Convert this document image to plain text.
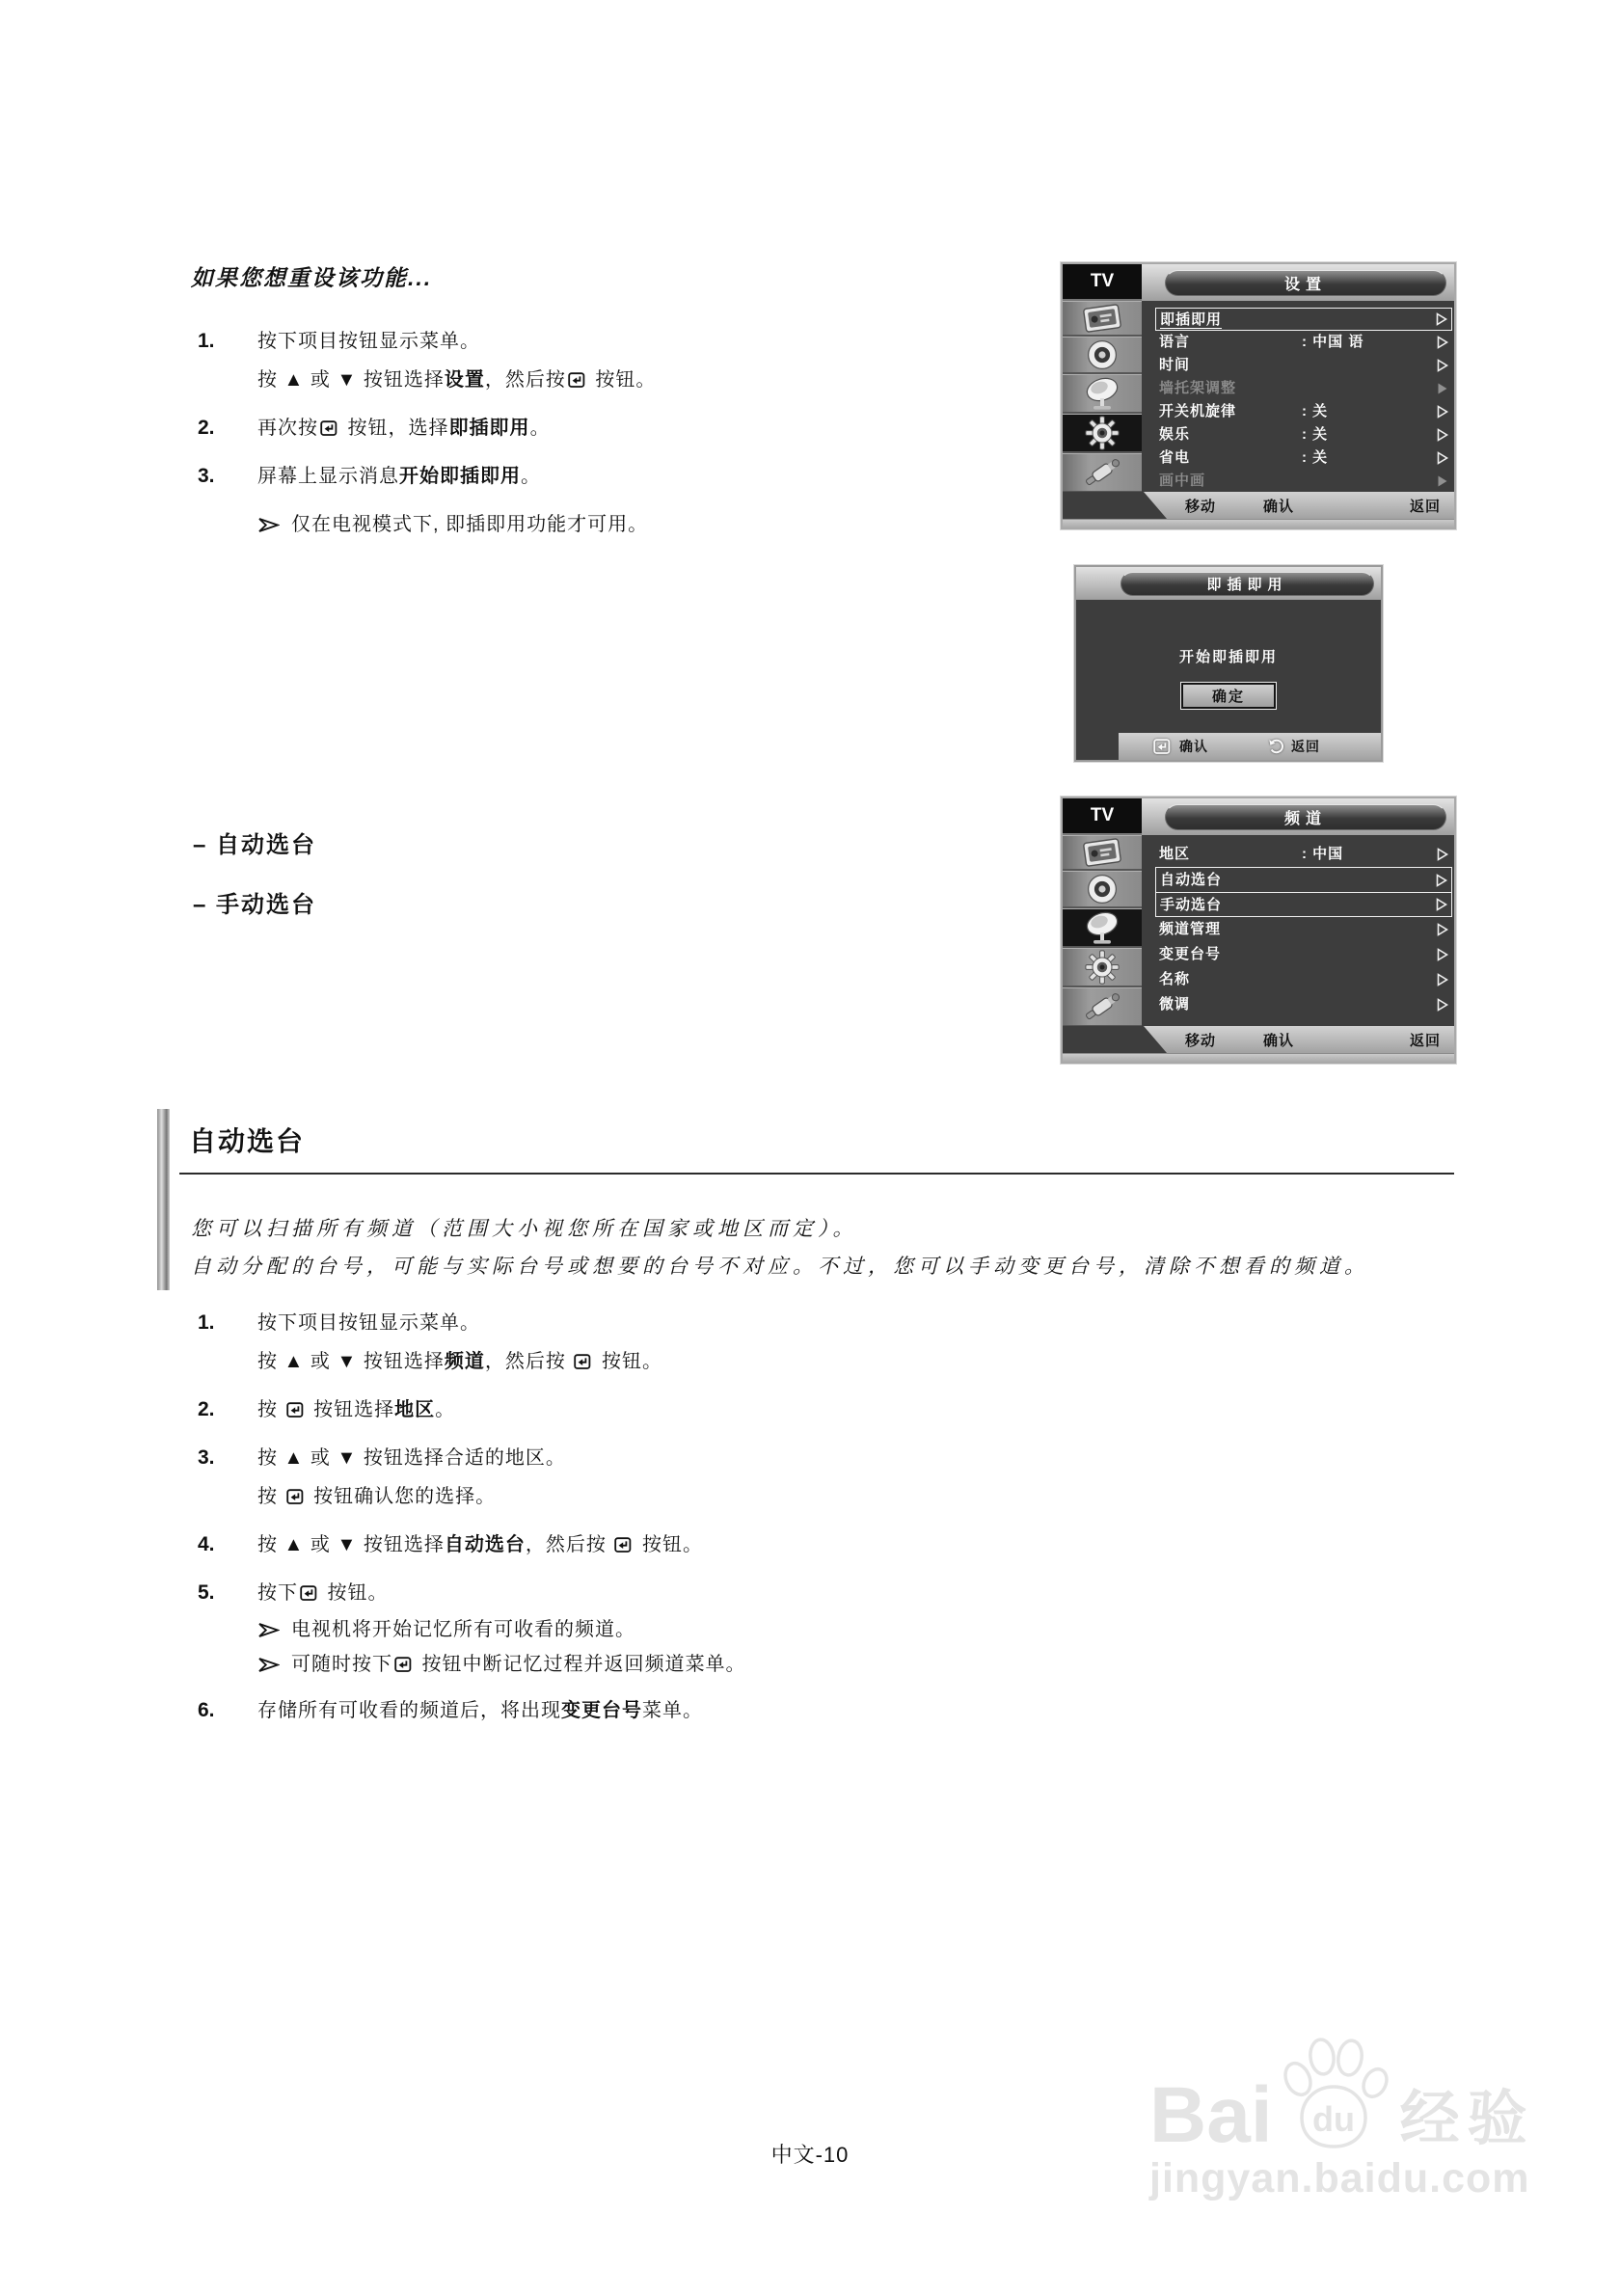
如果您想重设该功能...
1.	按下项目按钮显示菜单。
按 ▲ 或 ▼ 按钮选择设置，然后按 按钮。
2.	再次按 按钮，选择即插即用。
3.	屏幕上显示消息开始即插即用。
仅在电视模式下, 即插即用功能才可用。
TV	设置
即插即用
语言	: 中国 语
时间
墙托架调整
开关机旋律	: 关
娱乐	: 关
省电	: 关
画中画
移动	确认	返回
即插即用
开始即插即用
确定
确认	返回
– 自动选台
– 手动选台
TV	频道
地区	: 中国
自动选台
手动选台
频道管理
变更台号
名称
微调
移动	确认	返回
自动选台
您可以扫描所有频道（范围大小视您所在国家或地区而定）。
自动分配的台号，可能与实际台号或想要的台号不对应。不过，您可以手动变更台号，清除不想看的频道。
1.	按下项目按钮显示菜单。
按 ▲ 或 ▼ 按钮选择频道，然后按  按钮。
2.	按  按钮选择地区。
3.	按 ▲ 或 ▼ 按钮选择合适的地区。
按  按钮确认您的选择。
4.	按 ▲ 或 ▼ 按钮选择自动选台，然后按  按钮。
5.	按下 按钮。
电视机将开始记忆所有可收看的频道。
可随时按下 按钮中断记忆过程并返回频道菜单。
6.	存储所有可收看的频道后，将出现变更台号菜单。
中文-10	Bai du 经验
jingyan.baidu.com
